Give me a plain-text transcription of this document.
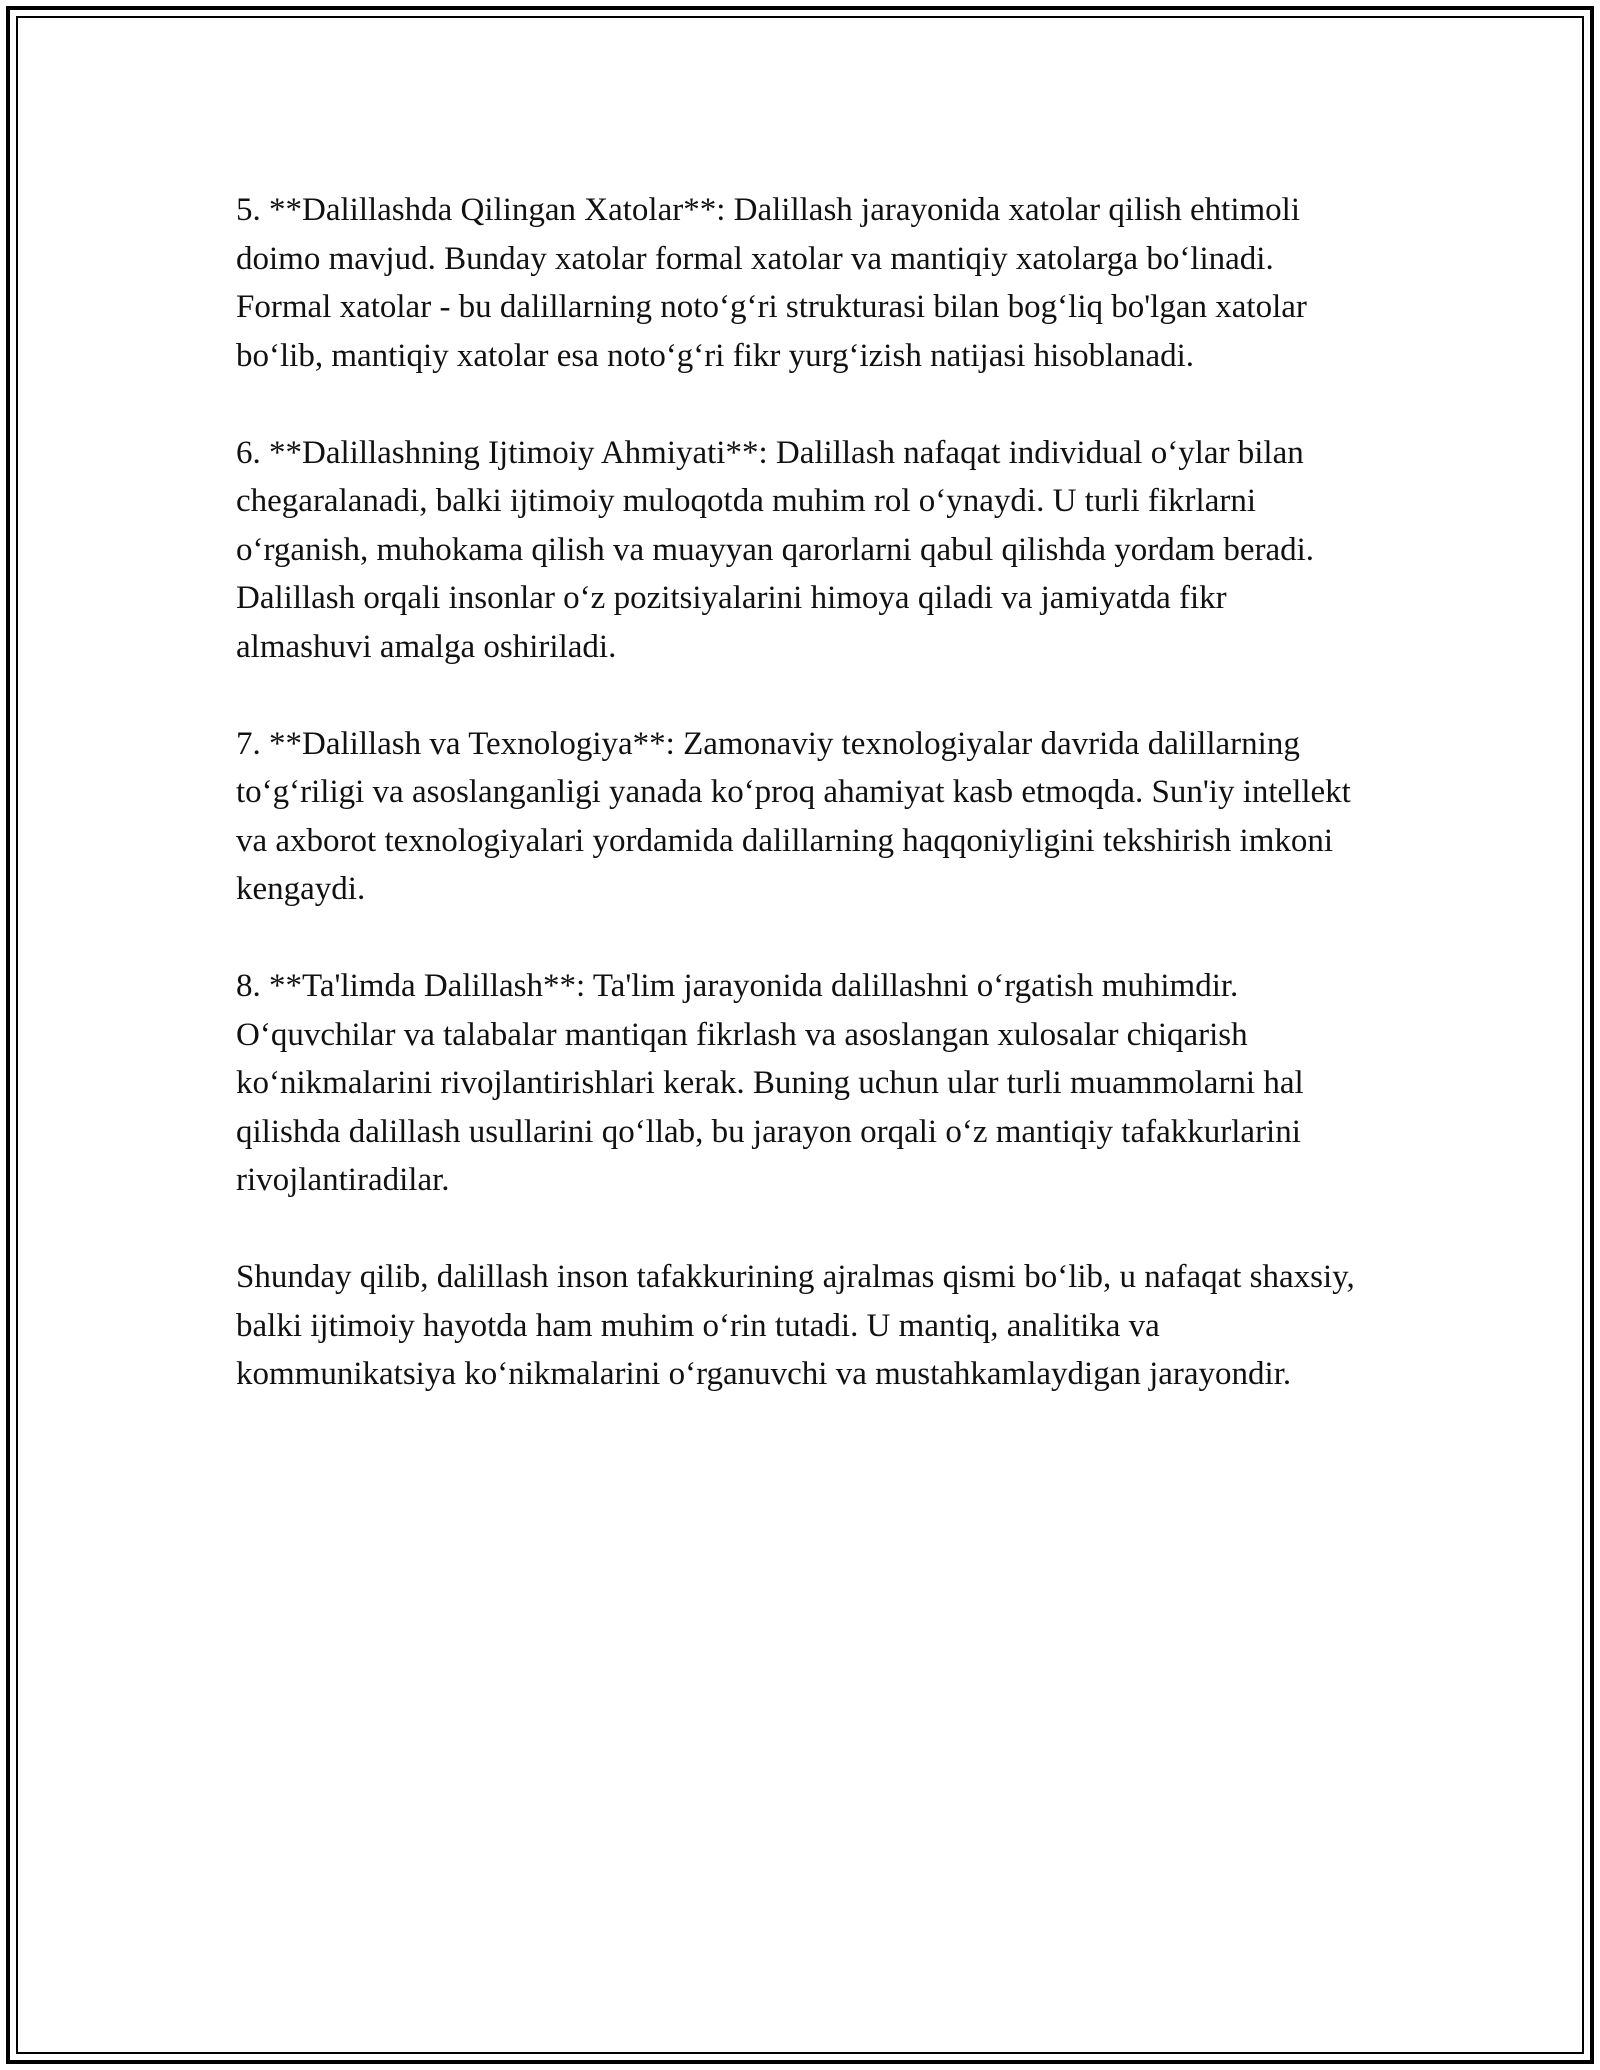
5. **Dalillashda Qilingan Xatolar**: Dalillash jarayonida xatolar qilish ehtimoli doimo mavjud. Bunday xatolar formal xatolar va mantiqiy xatolarga bo‘linadi. Formal xatolar - bu dalillarning noto‘g‘ri strukturasi bilan bog‘liq bo'lgan xatolar bo‘lib, mantiqiy xatolar esa noto‘g‘ri fikr yurg‘izish natijasi hisoblanadi.

6. **Dalillashning Ijtimoiy Ahmiyati**: Dalillash nafaqat individual o‘ylar bilan chegaralanadi, balki ijtimoiy muloqotda muhim rol o‘ynaydi. U turli fikrlarni o‘rganish, muhokama qilish va muayyan qarorlarni qabul qilishda yordam beradi. Dalillash orqali insonlar o‘z pozitsiyalarini himoya qiladi va jamiyatda fikr almashuvi amalga oshiriladi.

7. **Dalillash va Texnologiya**: Zamonaviy texnologiyalar davrida dalillarning to‘g‘riligi va asoslanganligi yanada ko‘proq ahamiyat kasb etmoqda. Sun'iy intellekt va axborot texnologiyalari yordamida dalillarning haqqoniyligini tekshirish imkoni kengaydi.

8. **Ta'limda Dalillash**: Ta'lim jarayonida dalillashni o‘rgatish muhimdir. O‘quvchilar va talabalar mantiqan fikrlash va asoslangan xulosalar chiqarish ko‘nikmalarini rivojlantirishlari kerak. Buning uchun ular turli muammolarni hal qilishda dalillash usullarini qo‘llab, bu jarayon orqali o‘z mantiqiy tafakkurlarini rivojlantiradilar.

Shunday qilib, dalillash inson tafakkurining ajralmas qismi bo‘lib, u nafaqat shaxsiy, balki ijtimoiy hayotda ham muhim o‘rin tutadi. U mantiq, analitika va kommunikatsiya ko‘nikmalarini o‘rganuvchi va mustahkamlaydigan jarayondir.
